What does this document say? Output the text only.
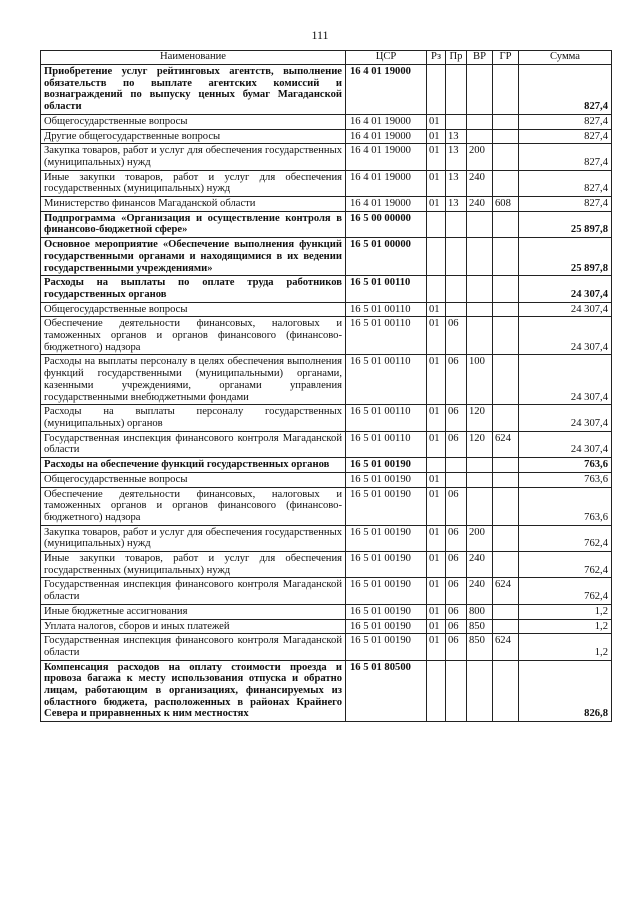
111
Наименование	ЦСР	Рз	Пр	ВР	ГР	Сумма
Приобретение услуг рейтинговых агентств, выполнение обязательств по выплате агентских комиссий и вознаграждений по выпуску ценных бумаг Магаданской области	16 4 01 19000					827,4
Общегосударственные вопросы	16 4 01 19000	01				827,4
Другие общегосударственные вопросы	16 4 01 19000	01	13			827,4
Закупка товаров, работ и услуг для обеспечения государственных (муниципальных) нужд	16 4 01 19000	01	13	200		827,4
Иные закупки товаров, работ и услуг для обеспечения государственных (муниципальных) нужд	16 4 01 19000	01	13	240		827,4
Министерство финансов Магаданской области	16 4 01 19000	01	13	240	608	827,4
Подпрограмма «Организация и осуществление контроля в финансово-бюджетной сфере»	16 5 00 00000					25 897,8
Основное мероприятие «Обеспечение выполнения функций государственными органами и находящимися в их ведении государственными учреждениями»	16 5 01 00000					25 897,8
Расходы на выплаты по оплате труда работников государственных органов	16 5 01 00110					24 307,4
Общегосударственные вопросы	16 5 01 00110	01				24 307,4
Обеспечение деятельности финансовых, налоговых и таможенных органов и органов финансового (финансово-бюджетного) надзора	16 5 01 00110	01	06			24 307,4
Расходы на выплаты персоналу в целях обеспечения выполнения функций государственными (муниципальными) органами, казенными учреждениями, органами управления государственными внебюджетными фондами	16 5 01 00110	01	06	100		24 307,4
Расходы на выплаты персоналу государственных (муниципальных) органов	16 5 01 00110	01	06	120		24 307,4
Государственная инспекция финансового контроля Магаданской области	16 5 01 00110	01	06	120	624	24 307,4
Расходы на обеспечение функций государственных органов	16 5 01 00190					763,6
Общегосударственные вопросы	16 5 01 00190	01				763,6
Обеспечение деятельности финансовых, налоговых и таможенных органов и органов финансового (финансово-бюджетного) надзора	16 5 01 00190	01	06			763,6
Закупка товаров, работ и услуг для обеспечения государственных (муниципальных) нужд	16 5 01 00190	01	06	200		762,4
Иные закупки товаров, работ и услуг для обеспечения государственных (муниципальных) нужд	16 5 01 00190	01	06	240		762,4
Государственная инспекция финансового контроля Магаданской области	16 5 01 00190	01	06	240	624	762,4
Иные бюджетные ассигнования	16 5 01 00190	01	06	800		1,2
Уплата налогов, сборов и иных платежей	16 5 01 00190	01	06	850		1,2
Государственная инспекция финансового контроля Магаданской области	16 5 01 00190	01	06	850	624	1,2
Компенсация расходов на оплату стоимости проезда и провоза багажа к месту использования отпуска и обратно лицам, работающим в организациях, финансируемых из областного бюджета, расположенных в районах Крайнего Севера и приравненных к ним местностях	16 5 01 80500					826,8
